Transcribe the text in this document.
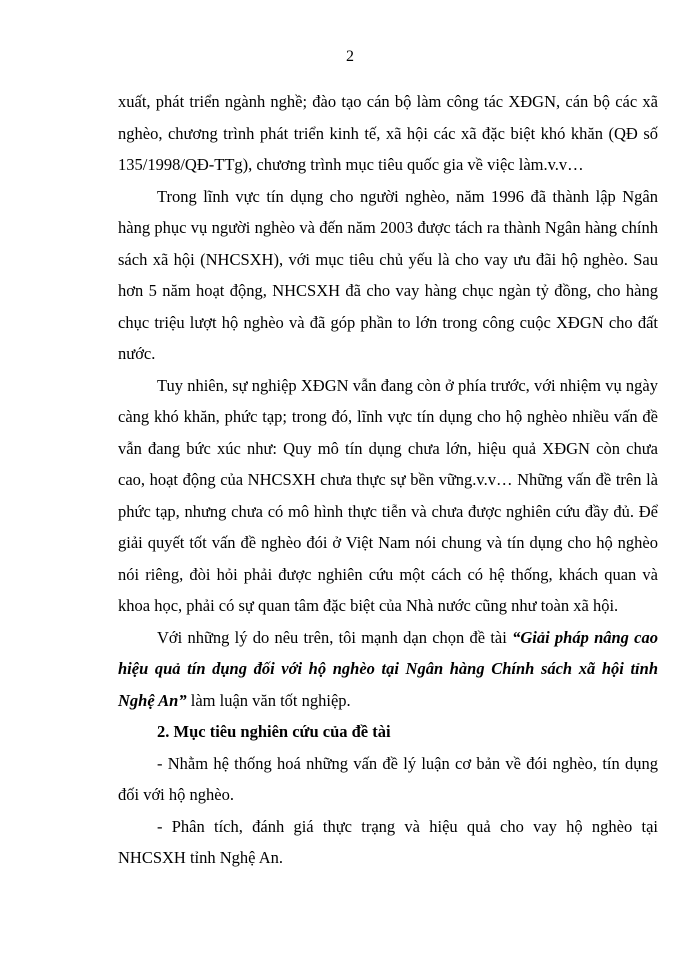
2

xuất, phát triển ngành nghề; đào tạo cán bộ làm công tác XĐGN, cán bộ các xã nghèo, chương trình phát triển kinh tế, xã hội các xã đặc biệt khó khăn (QĐ số 135/1998/QĐ-TTg), chương trình mục tiêu quốc gia về việc làm.v.v…

Trong lĩnh vực tín dụng cho người nghèo, năm 1996 đã thành lập Ngân hàng phục vụ người nghèo và đến năm 2003 được tách ra thành Ngân hàng chính sách xã hội (NHCSXH), với mục tiêu chủ yếu là cho vay ưu đãi hộ nghèo. Sau hơn 5 năm hoạt động, NHCSXH đã cho vay hàng chục ngàn tỷ đồng, cho hàng chục triệu lượt hộ nghèo và đã góp phần to lớn trong công cuộc XĐGN cho đất nước.

Tuy nhiên, sự nghiệp XĐGN vẫn đang còn ở phía trước, với nhiệm vụ ngày càng khó khăn, phức tạp; trong đó, lĩnh vực tín dụng cho hộ nghèo nhiều vấn đề vẫn đang bức xúc như: Quy mô tín dụng chưa lớn, hiệu quả XĐGN còn chưa cao, hoạt động của NHCSXH chưa thực sự bền vững.v.v… Những vấn đề trên là phức tạp, nhưng chưa có mô hình thực tiễn và chưa được nghiên cứu đầy đủ. Để giải quyết tốt vấn đề nghèo đói ở Việt Nam nói chung và tín dụng cho hộ nghèo nói riêng, đòi hỏi phải được nghiên cứu một cách có hệ thống, khách quan và khoa học, phải có sự quan tâm đặc biệt của Nhà nước cũng như toàn xã hội.

Với những lý do nêu trên, tôi mạnh dạn chọn đề tài “Giải pháp nâng cao hiệu quả tín dụng đối với hộ nghèo tại Ngân hàng Chính sách xã hội tỉnh Nghệ An” làm luận văn tốt nghiệp.

2. Mục tiêu nghiên cứu của đề tài

- Nhằm hệ thống hoá những vấn đề lý luận cơ bản về đói nghèo, tín dụng đối với hộ nghèo.

- Phân tích, đánh giá thực trạng và hiệu quả cho vay hộ nghèo tại NHCSXH tỉnh Nghệ An.
